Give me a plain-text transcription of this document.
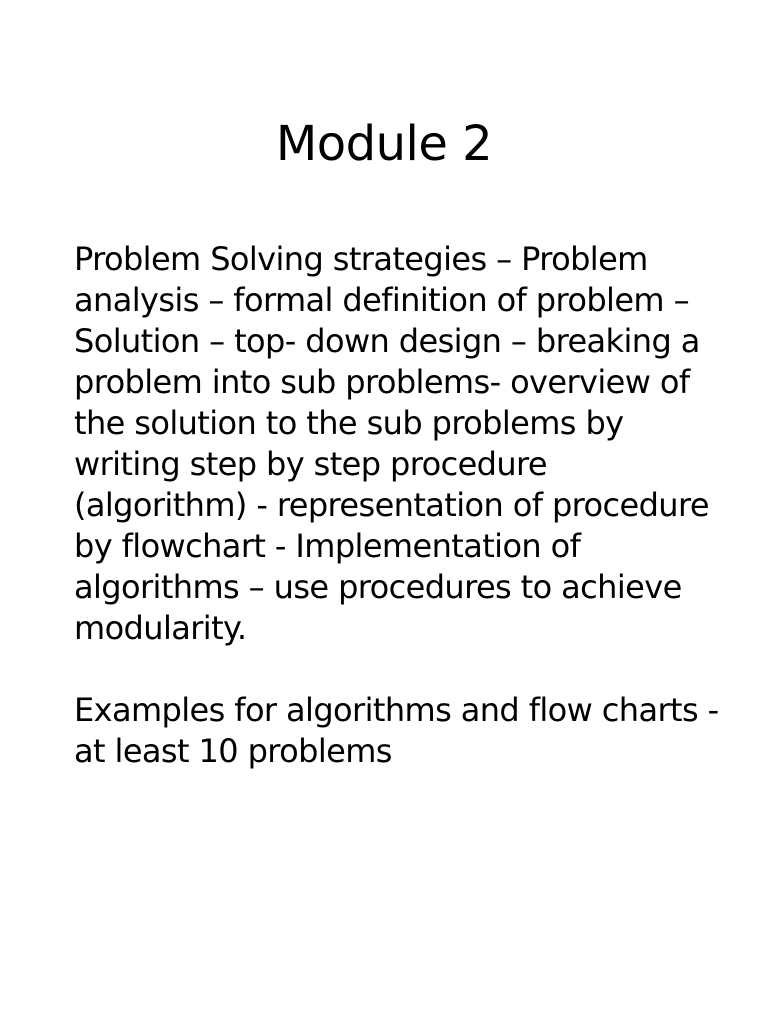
Module 2

Problem Solving strategies – Problem analysis – formal definition of problem – Solution – top- down design – breaking a problem into sub problems- overview of the solution to the sub problems by writing step by step procedure (algorithm) - representation of procedure by flowchart - Implementation of algorithms – use procedures to achieve modularity.

Examples for algorithms and flow charts - at least 10 problems
